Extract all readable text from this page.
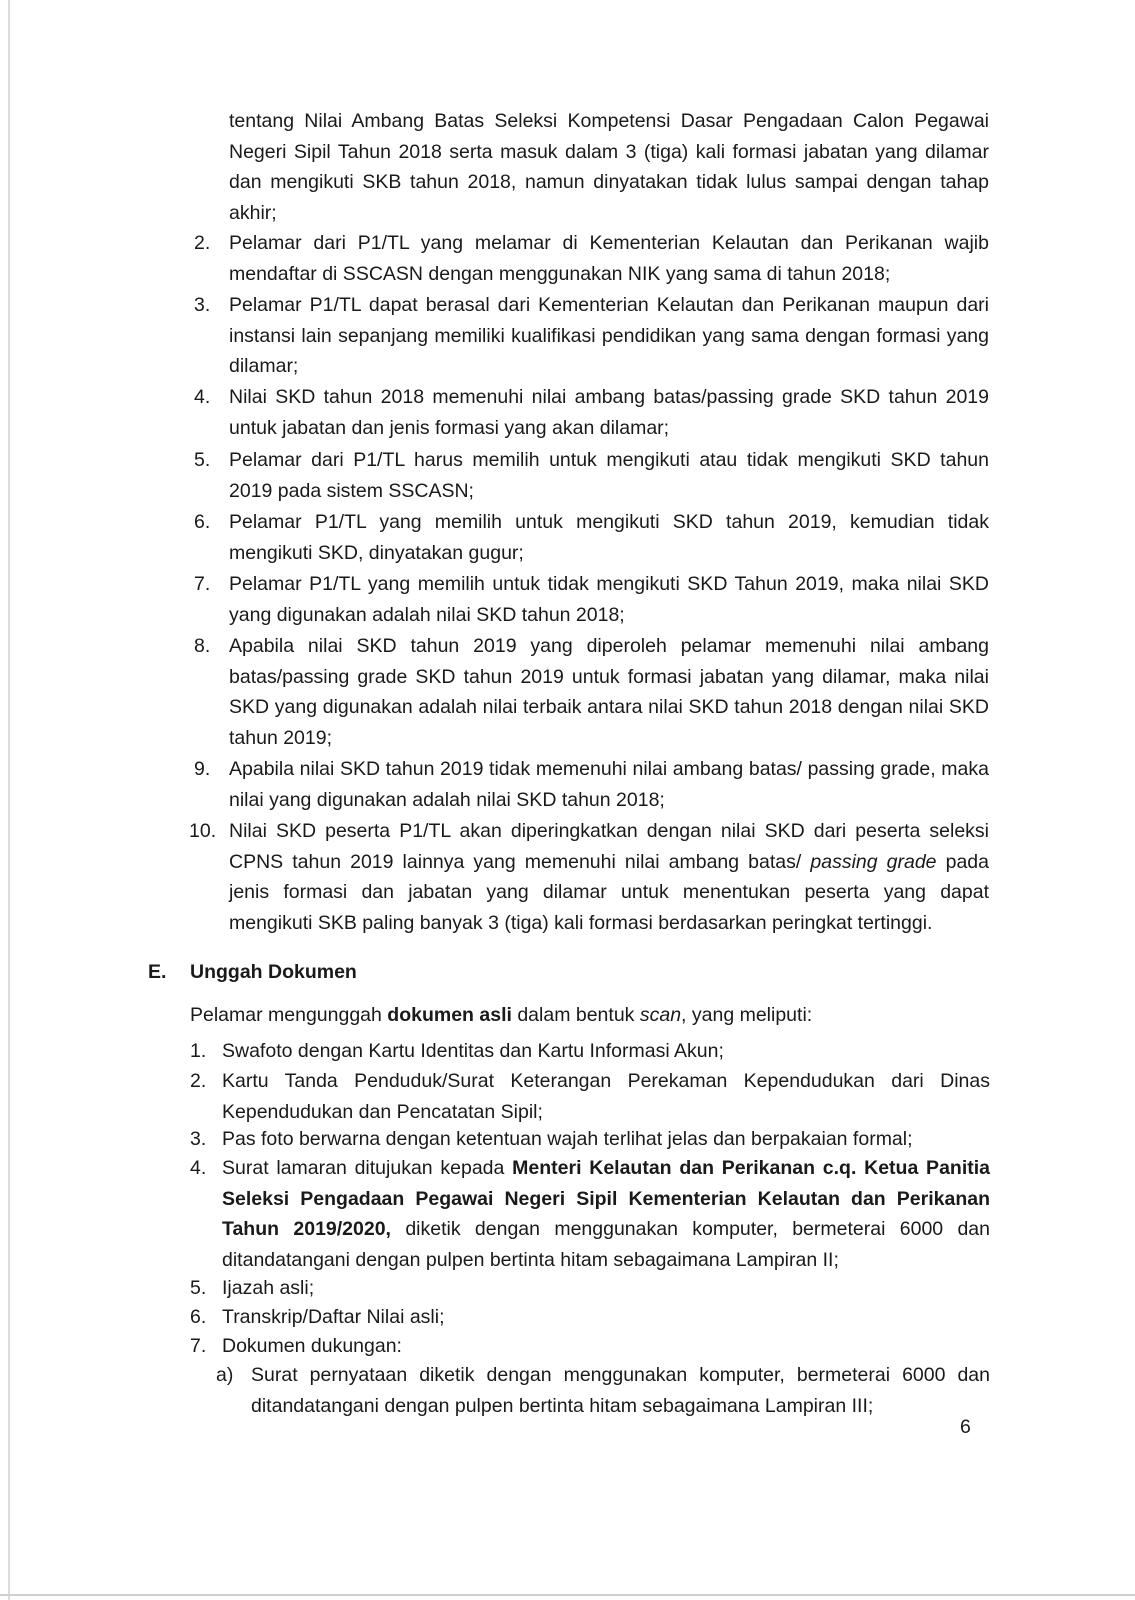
tentang Nilai Ambang Batas Seleksi Kompetensi Dasar Pengadaan Calon Pegawai Negeri Sipil Tahun 2018 serta masuk dalam 3 (tiga) kali formasi jabatan yang dilamar dan mengikuti SKB tahun 2018, namun dinyatakan tidak lulus sampai dengan tahap akhir;
2. Pelamar dari P1/TL yang melamar di Kementerian Kelautan dan Perikanan wajib mendaftar di SSCASN dengan menggunakan NIK yang sama di tahun 2018;
3. Pelamar P1/TL dapat berasal dari Kementerian Kelautan dan Perikanan maupun dari instansi lain sepanjang memiliki kualifikasi pendidikan yang sama dengan formasi yang dilamar;
4. Nilai SKD tahun 2018 memenuhi nilai ambang batas/passing grade SKD tahun 2019 untuk jabatan dan jenis formasi yang akan dilamar;
5. Pelamar dari P1/TL harus memilih untuk mengikuti atau tidak mengikuti SKD tahun 2019 pada sistem SSCASN;
6. Pelamar P1/TL yang memilih untuk mengikuti SKD tahun 2019, kemudian tidak mengikuti SKD, dinyatakan gugur;
7. Pelamar P1/TL yang memilih untuk tidak mengikuti SKD Tahun 2019, maka nilai SKD yang digunakan adalah nilai SKD tahun 2018;
8. Apabila nilai SKD tahun 2019 yang diperoleh pelamar memenuhi nilai ambang batas/passing grade SKD tahun 2019 untuk formasi jabatan yang dilamar, maka nilai SKD yang digunakan adalah nilai terbaik antara nilai SKD tahun 2018 dengan nilai SKD tahun 2019;
9. Apabila nilai SKD tahun 2019 tidak memenuhi nilai ambang batas/ passing grade, maka nilai yang digunakan adalah nilai SKD tahun 2018;
10. Nilai SKD peserta P1/TL akan diperingkatkan dengan nilai SKD dari peserta seleksi CPNS tahun 2019 lainnya yang memenuhi nilai ambang batas/ passing grade pada jenis formasi dan jabatan yang dilamar untuk menentukan peserta yang dapat mengikuti SKB paling banyak 3 (tiga) kali formasi berdasarkan peringkat tertinggi.
E. Unggah Dokumen
Pelamar mengunggah dokumen asli dalam bentuk scan, yang meliputi:
1. Swafoto dengan Kartu Identitas dan Kartu Informasi Akun;
2. Kartu Tanda Penduduk/Surat Keterangan Perekaman Kependudukan dari Dinas Kependudukan dan Pencatatan Sipil;
3. Pas foto berwarna dengan ketentuan wajah terlihat jelas dan berpakaian formal;
4. Surat lamaran ditujukan kepada Menteri Kelautan dan Perikanan c.q. Ketua Panitia Seleksi Pengadaan Pegawai Negeri Sipil Kementerian Kelautan dan Perikanan Tahun 2019/2020, diketik dengan menggunakan komputer, bermeterai 6000 dan ditandatangani dengan pulpen bertinta hitam sebagaimana Lampiran II;
5. Ijazah asli;
6. Transkrip/Daftar Nilai asli;
7. Dokumen dukungan:
a) Surat pernyataan diketik dengan menggunakan komputer, bermeterai 6000 dan ditandatangani dengan pulpen bertinta hitam sebagaimana Lampiran III;
6
